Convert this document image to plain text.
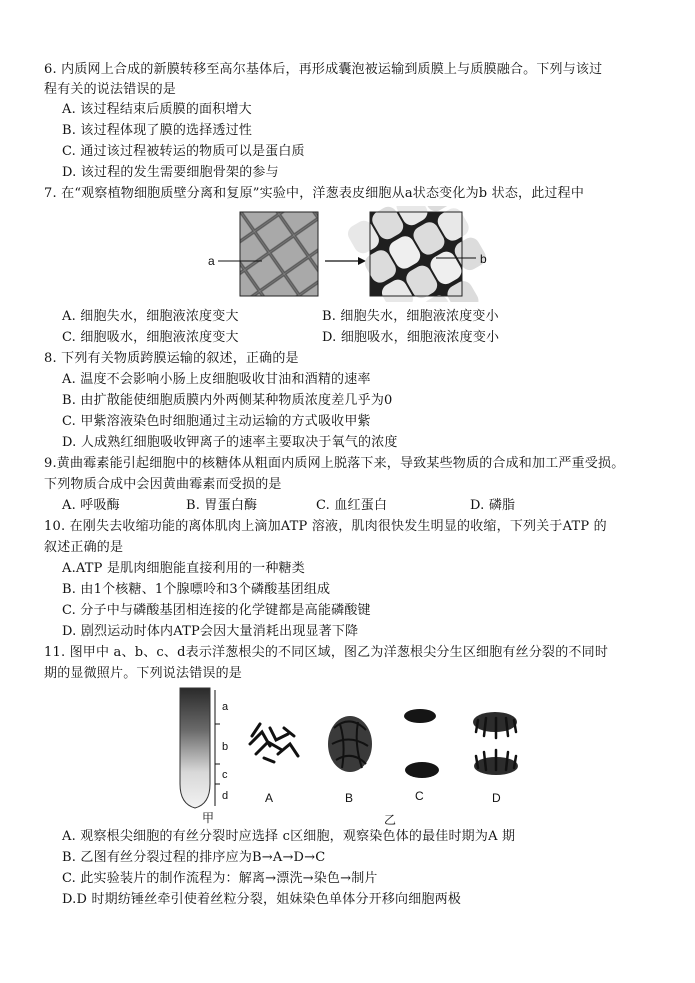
6. 内质网上合成的新膜转移至高尔基体后，再形成囊泡被运输到质膜上与质膜融合。下列与该过
程有关的说法错误的是
A. 该过程结束后质膜的面积增大
B. 该过程体现了膜的选择透过性
C. 通过该过程被转运的物质可以是蛋白质
D. 该过程的发生需要细胞骨架的参与
7. 在“观察植物细胞质壁分离和复原”实验中，洋葱表皮细胞从a状态变化为b 状态，此过程中
a	b
A. 细胞失水，细胞液浓度变大	B. 细胞失水，细胞液浓度变小
C. 细胞吸水，细胞液浓度变大	D. 细胞吸水，细胞液浓度变小
8. 下列有关物质跨膜运输的叙述，正确的是
A. 温度不会影响小肠上皮细胞吸收甘油和酒精的速率
B. 由扩散能使细胞质膜内外两侧某种物质浓度差几乎为0
C. 甲紫溶液染色时细胞通过主动运输的方式吸收甲紫
D. 人成熟红细胞吸收钾离子的速率主要取决于氧气的浓度
9.黄曲霉素能引起细胞中的核糖体从粗面内质网上脱落下来，导致某些物质的合成和加工严重受损。
下列物质合成中会因黄曲霉素而受损的是
A. 呼吸酶	B. 胃蛋白酶	C. 血红蛋白	D. 磷脂
10. 在刚失去收缩功能的离体肌肉上滴加ATP 溶液，肌肉很快发生明显的收缩，下列关于ATP 的
叙述正确的是
A.ATP 是肌肉细胞能直接利用的一种糖类
B. 由1个核糖、1个腺嘌呤和3个磷酸基团组成
C. 分子中与磷酸基团相连接的化学键都是高能磷酸键
D. 剧烈运动时体内ATP会因大量消耗出现显著下降
11. 图甲中 a、b、c、d表示洋葱根尖的不同区域，图乙为洋葱根尖分生区细胞有丝分裂的不同时
期的显微照片。下列说法错误的是
a
b
c
d
甲
A	B	C	D
乙
A. 观察根尖细胞的有丝分裂时应选择 c区细胞，观察染色体的最佳时期为A 期
B. 乙图有丝分裂过程的排序应为B→A→D→C
C. 此实验装片的制作流程为：解离→漂洗→染色→制片
D.D 时期纺锤丝牵引使着丝粒分裂，姐妹染色单体分开移向细胞两极
